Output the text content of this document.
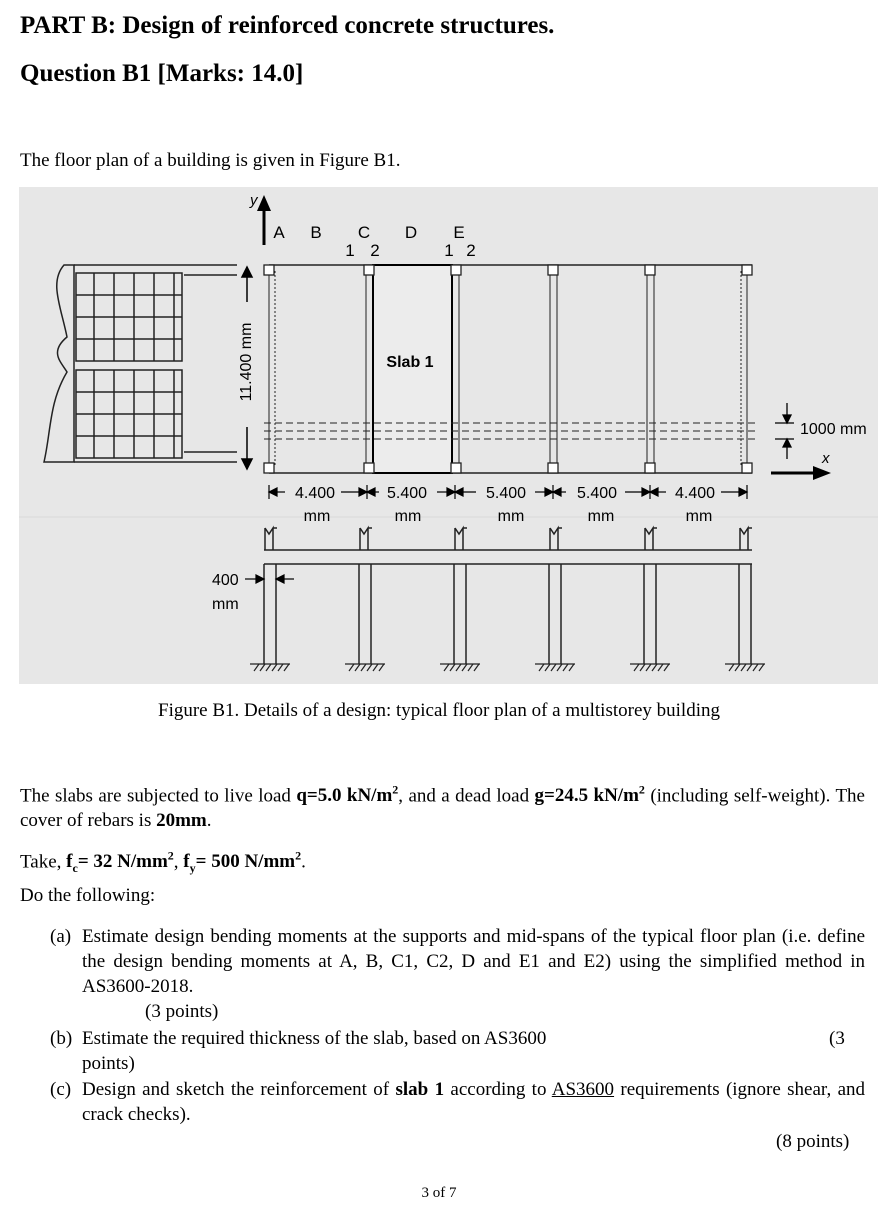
PART B: Design of reinforced concrete structures.
Question B1 [Marks: 14.0]
The floor plan of a building is given in Figure B1.
y
A B C D E
1 2	1 2
Slab 1
11.400 mm
1000 mm
x
4.400	5.400	5.400	5.400	4.400
mm	mm	mm	mm	mm
400
mm
Figure B1. Details of a design: typical floor plan of a multistorey building
The slabs are subjected to live load q=5.0 $kN/m^2$, and a dead load g=24.5 $kN/m^2$ (including self-weight). The cover of rebars is 20mm.
Take, $f_c= 32$ $N/mm^2$, $f_y= 500$ $N/mm^2$.
Do the following:
(a) Estimate design bending moments at the supports and mid-spans of the typical floor plan (i.e. define the design bending moments at A, B, C1, C2, D and E1 and E2) using the simplified method in AS3600-2018.
(3 points)
(b) Estimate the required thickness of the slab, based on AS3600	(3
points)
(c) Design and sketch the reinforcement of slab 1 according to AS3600 requirements (ignore shear, and crack checks).
(8 points)
3 of 7
